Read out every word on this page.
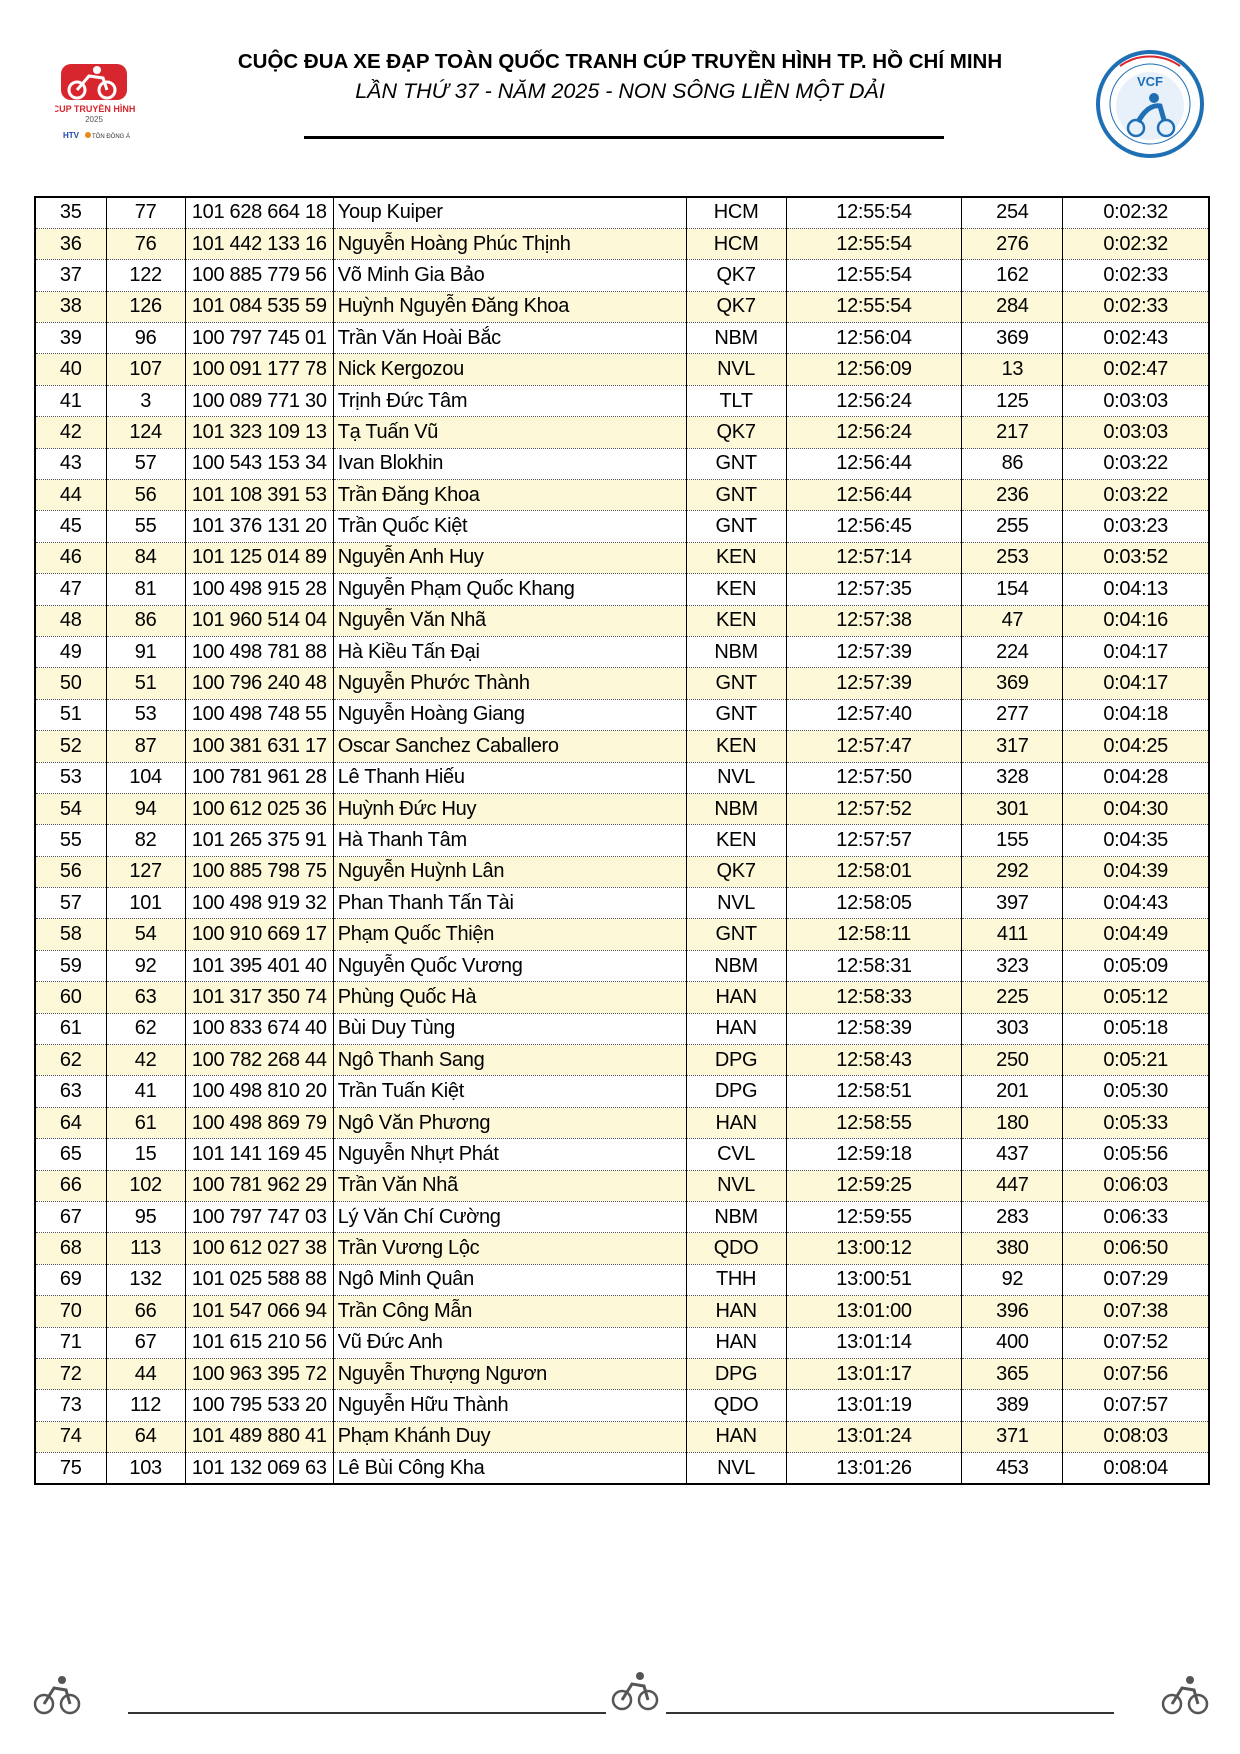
CUP TRUYỀN HÌNH
2025
HTV TÔN ĐÔNG Á
CUỘC ĐUA XE ĐẠP TOÀN QUỐC TRANH CÚP TRUYỀN HÌNH TP. HỒ CHÍ MINH
LẦN THỨ 37 - NĂM 2025 - NON SÔNG LIỀN MỘT DẢI	VCF
35	77	101 628 664 18	Youp Kuiper	HCM	12:55:54	254	0:02:32
36	76	101 442 133 16	Nguyễn Hoàng Phúc Thịnh	HCM	12:55:54	276	0:02:32
37	122	100 885 779 56	Võ Minh Gia Bảo	QK7	12:55:54	162	0:02:33
38	126	101 084 535 59	Huỳnh Nguyễn Đăng Khoa	QK7	12:55:54	284	0:02:33
39	96	100 797 745 01	Trần Văn Hoài Bắc	NBM	12:56:04	369	0:02:43
40	107	100 091 177 78	Nick Kergozou	NVL	12:56:09	13	0:02:47
41	3	100 089 771 30	Trịnh Đức Tâm	TLT	12:56:24	125	0:03:03
42	124	101 323 109 13	Tạ Tuấn Vũ	QK7	12:56:24	217	0:03:03
43	57	100 543 153 34	Ivan Blokhin	GNT	12:56:44	86	0:03:22
44	56	101 108 391 53	Trần Đăng Khoa	GNT	12:56:44	236	0:03:22
45	55	101 376 131 20	Trần Quốc Kiệt	GNT	12:56:45	255	0:03:23
46	84	101 125 014 89	Nguyễn Anh Huy	KEN	12:57:14	253	0:03:52
47	81	100 498 915 28	Nguyễn Phạm Quốc Khang	KEN	12:57:35	154	0:04:13
48	86	101 960 514 04	Nguyễn Văn Nhã	KEN	12:57:38	47	0:04:16
49	91	100 498 781 88	Hà Kiều Tấn Đại	NBM	12:57:39	224	0:04:17
50	51	100 796 240 48	Nguyễn Phước Thành	GNT	12:57:39	369	0:04:17
51	53	100 498 748 55	Nguyễn Hoàng Giang	GNT	12:57:40	277	0:04:18
52	87	100 381 631 17	Oscar Sanchez Caballero	KEN	12:57:47	317	0:04:25
53	104	100 781 961 28	Lê Thanh Hiếu	NVL	12:57:50	328	0:04:28
54	94	100 612 025 36	Huỳnh Đức Huy	NBM	12:57:52	301	0:04:30
55	82	101 265 375 91	Hà Thanh Tâm	KEN	12:57:57	155	0:04:35
56	127	100 885 798 75	Nguyễn Huỳnh Lân	QK7	12:58:01	292	0:04:39
57	101	100 498 919 32	Phan Thanh Tấn Tài	NVL	12:58:05	397	0:04:43
58	54	100 910 669 17	Phạm Quốc Thiện	GNT	12:58:11	411	0:04:49
59	92	101 395 401 40	Nguyễn Quốc Vương	NBM	12:58:31	323	0:05:09
60	63	101 317 350 74	Phùng Quốc Hà	HAN	12:58:33	225	0:05:12
61	62	100 833 674 40	Bùi Duy Tùng	HAN	12:58:39	303	0:05:18
62	42	100 782 268 44	Ngô Thanh Sang	DPG	12:58:43	250	0:05:21
63	41	100 498 810 20	Trần Tuấn Kiệt	DPG	12:58:51	201	0:05:30
64	61	100 498 869 79	Ngô Văn Phương	HAN	12:58:55	180	0:05:33
65	15	101 141 169 45	Nguyễn Nhựt Phát	CVL	12:59:18	437	0:05:56
66	102	100 781 962 29	Trần Văn Nhã	NVL	12:59:25	447	0:06:03
67	95	100 797 747 03	Lý Văn Chí Cường	NBM	12:59:55	283	0:06:33
68	113	100 612 027 38	Trần Vương Lộc	QDO	13:00:12	380	0:06:50
69	132	101 025 588 88	Ngô Minh Quân	THH	13:00:51	92	0:07:29
70	66	101 547 066 94	Trần Công Mẫn	HAN	13:01:00	396	0:07:38
71	67	101 615 210 56	Vũ Đức Anh	HAN	13:01:14	400	0:07:52
72	44	100 963 395 72	Nguyễn Thượng Ngươn	DPG	13:01:17	365	0:07:56
73	112	100 795 533 20	Nguyễn Hữu Thành	QDO	13:01:19	389	0:07:57
74	64	101 489 880 41	Phạm Khánh Duy	HAN	13:01:24	371	0:08:03
75	103	101 132 069 63	Lê Bùi Công Kha	NVL	13:01:26	453	0:08:04
